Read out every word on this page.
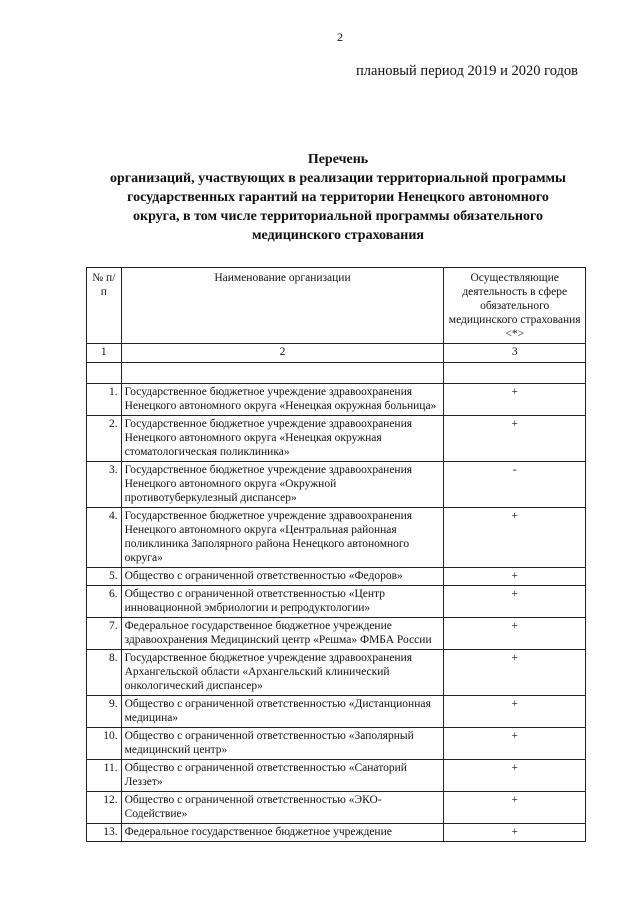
2
плановый период 2019 и 2020 годов
Перечень
организаций, участвующих в реализации территориальной программы
государственных гарантий на территории Ненецкого автономного
округа, в том числе территориальной программы обязательного
медицинского страхования
№ п/п	Наименование организации	Осуществляющие деятельность в сфере обязательного медицинского страхования <*>
1	2	3

1.	Государственное бюджетное учреждение здравоохранения Ненецкого автономного округа «Ненецкая окружная больница»	+
2.	Государственное бюджетное учреждение здравоохранения Ненецкого автономного округа «Ненецкая окружная стоматологическая поликлиника»	+
3.	Государственное бюджетное учреждение здравоохранения Ненецкого автономного округа «Окружной противотуберкулезный диспансер»	-
4.	Государственное бюджетное учреждение здравоохранения Ненецкого автономного округа «Центральная районная поликлиника Заполярного района Ненецкого автономного округа»	+
5.	Общество с ограниченной ответственностью «Федоров»	+
6.	Общество с ограниченной ответственностью «Центр инновационной эмбриологии и репродуктологии»	+
7.	Федеральное государственное бюджетное учреждение здравоохранения Медицинский центр «Решма» ФМБА России	+
8.	Государственное бюджетное учреждение здравоохранения Архангельской области «Архангельский клинический онкологический диспансер»	+
9.	Общество с ограниченной ответственностью «Дистанционная медицина»	+
10.	Общество с ограниченной ответственностью «Заполярный медицинский центр»	+
11.	Общество с ограниченной ответственностью «Санаторий Леззет»	+
12.	Общество с ограниченной ответственностью «ЭКО-Содействие»	+
13.	Федеральное государственное бюджетное учреждение	+
